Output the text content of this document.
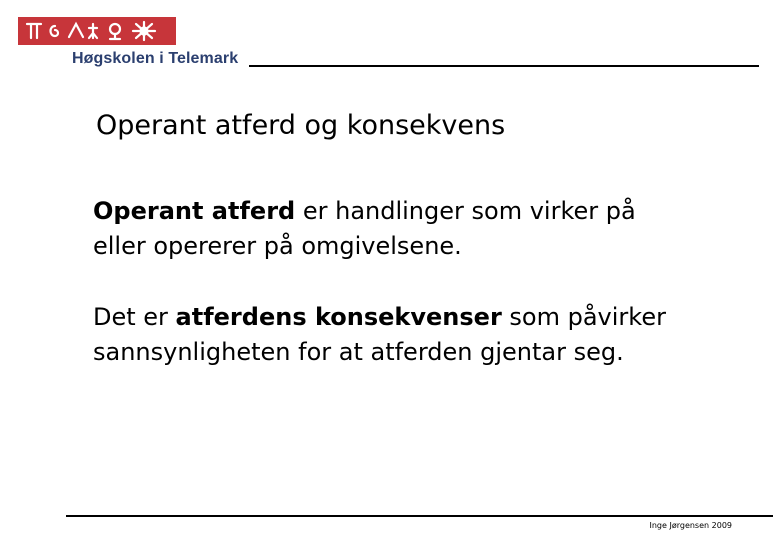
Høgskolen i Telemark
Operant atferd og konsekvens

Operant atferd er handlinger som virker på
eller opererer på omgivelsene.

Det er atferdens konsekvenser som påvirker
sannsynligheten for at atferden gjentar seg.

Inge Jørgensen 2009
